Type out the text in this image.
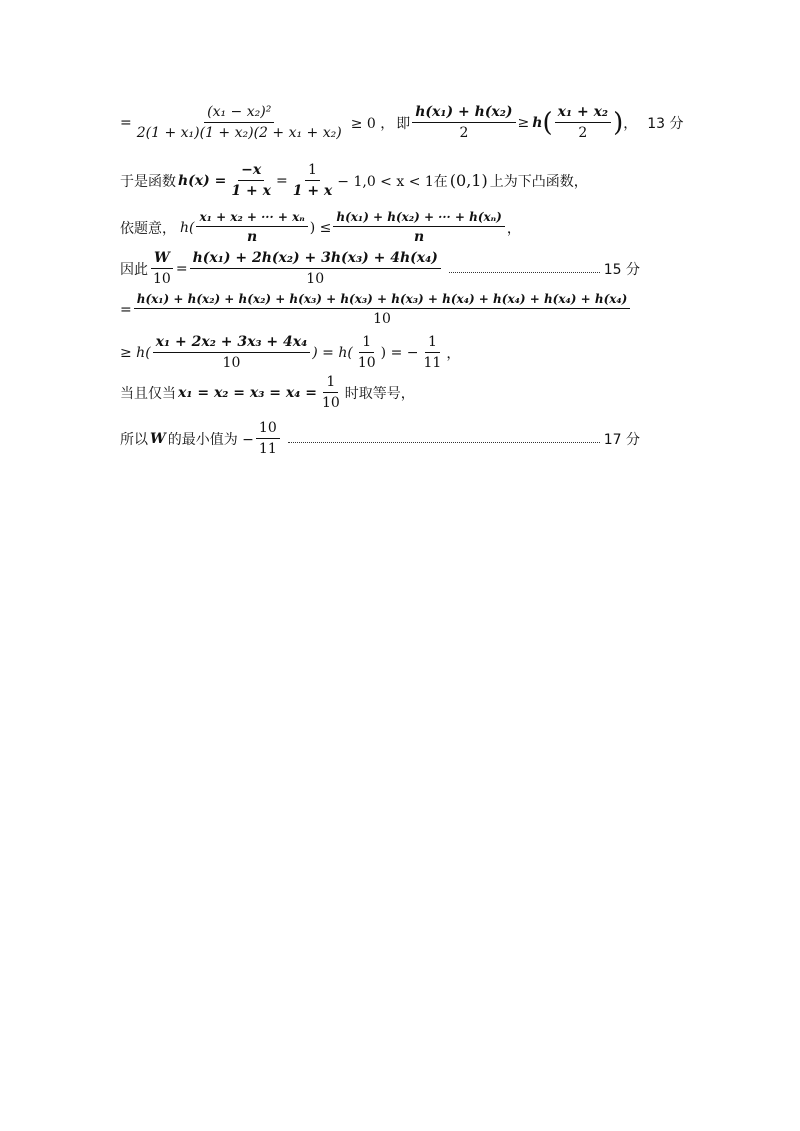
= $\frac{\text{(x₁ − x₂)²}}{\text{2(1 + x₁)(1 + x₂)(2 + x₁ + x₂)}} \ge 0$ ， 即 $\frac{\text{h(x₁) + h(x₂)}}{2} \ge h$ ( $\frac{\text{x₁ + x₂}}{2}$ ) ， 13 分
于是函数 $h(x) = \frac{-x}{1 + x} = \frac{1}{1 + x} - 1,0 < x < 1$在 (0,1) 上为下凸函数，
依题意， $h( \frac{\text{x₁ + x₂ + ··· + xₙ}}{n}$ ) ≤ $\frac{\text{h(x₁) + h(x₂) + ··· + h(xₙ)}}{n}$ ，
因此 $\frac{W}{10} = \frac{\text{h(x₁) + 2h(x₂) + 3h(x₃) + 4h(x₄)}}{10}$	15 分
=
h(x₁) + h(x₂) + h(x₂) + h(x₃) + h(x₃) + h(x₃) + h(x₄) + h(x₄) + h(x₄) + h(x₄)
10
≥ $h( \frac{\text{x₁ + 2x₂ + 3x₃ + 4x₄}}{10}$ ) = $h( \frac{1}{10}$ ) = − $\frac{1}{11}$ ，
当且仅当 $x_1 = x_2 = x_3 = x_4 = \frac{1}{10}$ 时取等号，
所以 W 的最小值为 − $\frac{10}{11}$	17 分
